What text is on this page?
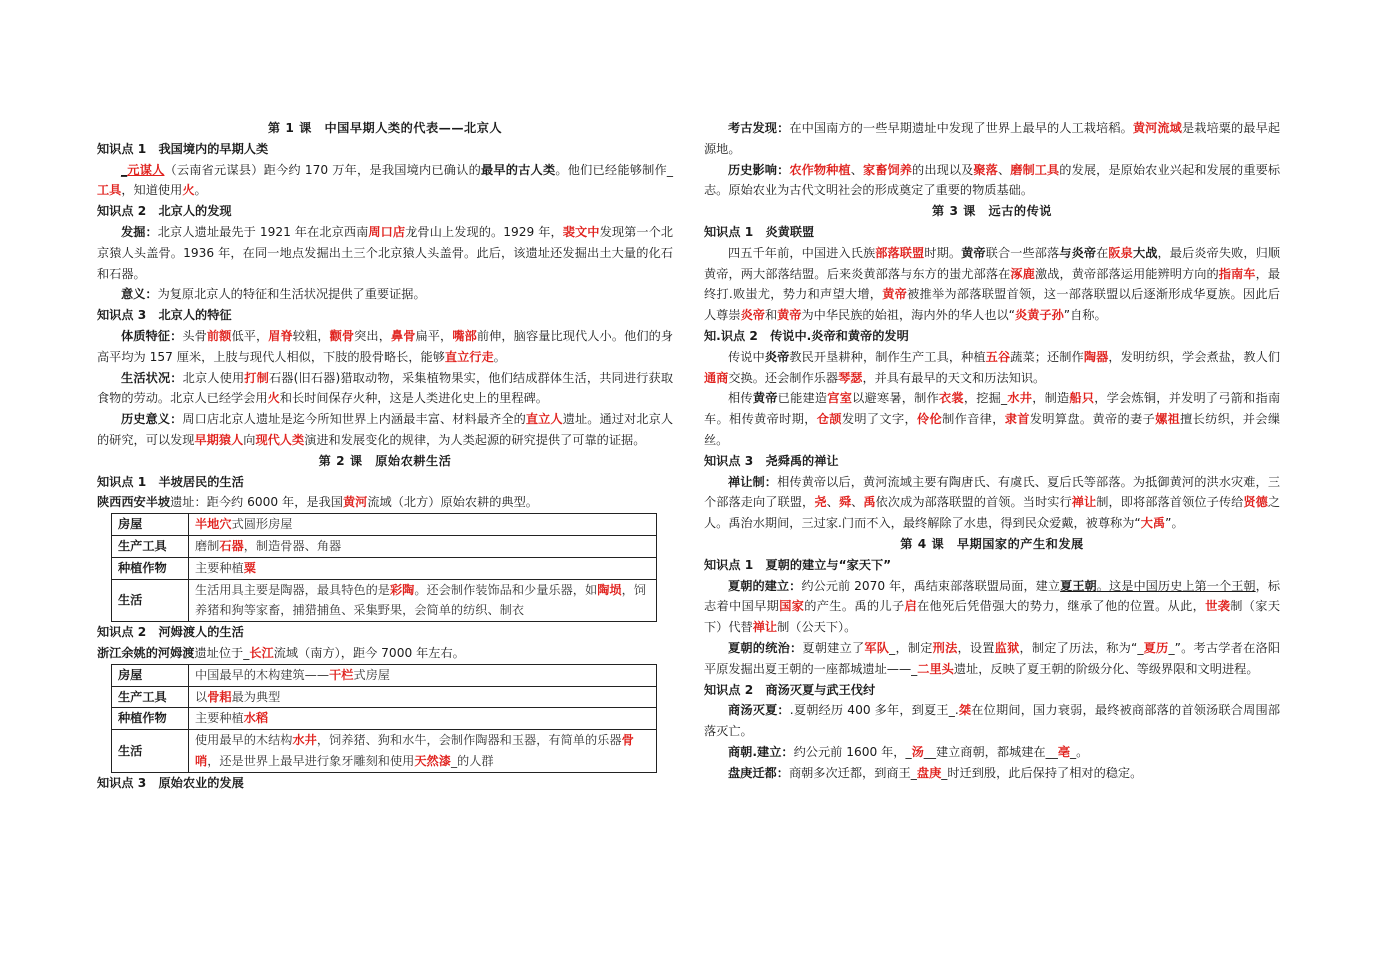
第 1 课　中国早期人类的代表——北京人
知识点 1　我国境内的早期人类
_元谋人（云南省元谋县）距今约 170 万年，是我国境内已确认的最早的古人类。他们已经能够制作_工具，知道使用火。
知识点 2　北京人的发现
发掘：北京人遗址最先于 1921 年在北京西南周口店龙骨山上发现的。1929 年，裴文中发现第一个北京猿人头盖骨。1936 年，在同一地点发掘出土三个北京猿人头盖骨。此后，该遗址还发掘出土大量的化石和石器。
意义：为复原北京人的特征和生活状况提供了重要证据。
知识点 3　北京人的特征
体质特征：头骨前额低平，眉脊较粗，颧骨突出，鼻骨扁平，嘴部前伸，脑容量比现代人小。他们的身高平均为 157 厘米，上肢与现代人相似，下肢的股骨略长，能够直立行走。
生活状况：北京人使用打制石器(旧石器)猎取动物，采集植物果实，他们结成群体生活，共同进行获取食物的劳动。北京人已经学会用火和长时间保存火种，这是人类进化史上的里程碑。
历史意义：周口店北京人遗址是迄今所知世界上内涵最丰富、材料最齐全的直立人遗址。通过对北京人的研究，可以发现早期猿人向现代人类演进和发展变化的规律，为人类起源的研究提供了可靠的证据。
第 2 课　原始农耕生活
知识点 1　半坡居民的生活
陕西西安半坡遗址：距今约 6000 年，是我国黄河流域（北方）原始农耕的典型。
房屋	半地穴式圆形房屋
生产工具	磨制石器，制造骨器、角器
种植作物	主要种植粟
生活	生活用具主要是陶器，最具特色的是彩陶。还会制作装饰品和少量乐器，如陶埙，饲养猪和狗等家畜，捕猎捕鱼、采集野果，会简单的纺织、制衣
知识点 2　河姆渡人的生活
浙江余姚的河姆渡遗址位于_长江流域（南方），距今 7000 年左右。
房屋	中国最早的木构建筑——干栏式房屋
生产工具	以骨耜最为典型
种植作物	主要种植水稻
生活	使用最早的木结构水井，饲养猪、狗和水牛，会制作陶器和玉器，有简单的乐器骨哨，还是世界上最早进行象牙雕刻和使用天然漆_的人群
知识点 3　原始农业的发展
考古发现：在中国南方的一些早期遗址中发现了世界上最早的人工栽培稻。黄河流域是栽培粟的最早起源地。
历史影响：农作物种植、家畜饲养的出现以及聚落、磨制工具的发展，是原始农业兴起和发展的重要标志。原始农业为古代文明社会的形成奠定了重要的物质基础。
第 3 课　远古的传说
知识点 1　炎黄联盟
四五千年前，中国进入氏族部落联盟时期。黄帝联合一些部落与炎帝在阪泉大战，最后炎帝失败，归顺黄帝，两大部落结盟。后来炎黄部落与东方的蚩尤部落在涿鹿激战，黄帝部落运用能辨明方向的指南车，最终打.败蚩尤，势力和声望大增，黄帝被推举为部落联盟首领，这一部落联盟以后逐渐形成华夏族。因此后人尊崇炎帝和黄帝为中华民族的始祖，海内外的华人也以“炎黄子孙”自称。
知.识点 2　传说中.炎帝和黄帝的发明
传说中炎帝教民开垦耕种，制作生产工具，种植五谷蔬菜；还制作陶器，发明纺织，学会煮盐，教人们通商交换。还会制作乐器琴瑟，并具有最早的天文和历法知识。
相传黄帝已能建造宫室以避寒暑，制作衣裳，挖掘_水井，制造船只，学会炼铜，并发明了弓箭和指南车。相传黄帝时期，仓颉发明了文字，伶伦制作音律，隶首发明算盘。黄帝的妻子嫘祖擅长纺织，并会缫丝。
知识点 3　尧舜禹的禅让
禅让制：相传黄帝以后，黄河流域主要有陶唐氏、有虞氏、夏后氏等部落。为抵御黄河的洪水灾难，三个部落走向了联盟，尧、舜、禹依次成为部落联盟的首领。当时实行禅让制，即将部落首领位子传给贤德之人。禹治水期间，三过家.门而不入，最终解除了水患，得到民众爱戴，被尊称为“大禹”。
第 4 课　早期国家的产生和发展
知识点 1　夏朝的建立与“家天下”
夏朝的建立：约公元前 2070 年，禹结束部落联盟局面，建立夏王朝。这是中国历史上第一个王朝，标志着中国早期国家的产生。禹的儿子启在他死后凭借强大的势力，继承了他的位置。从此，世袭制（家天下）代替禅让制（公天下）。
夏朝的统治：夏朝建立了军队_，制定刑法，设置监狱，制定了历法，称为“_夏历_”。考古学者在洛阳平原发掘出夏王朝的一座都城遗址——_二里头遗址，反映了夏王朝的阶级分化、等级界限和文明进程。
知识点 2　商汤灭夏与武王伐纣
商汤灭夏：.夏朝经历 400 多年，到夏王_.桀在位期间，国力衰弱，最终被商部落的首领汤联合周围部落灭亡。
商朝.建立：约公元前 1600 年，_汤__建立商朝，都城建在__亳_。
盘庚迁都：商朝多次迁都，到商王_盘庚_时迁到殷，此后保持了相对的稳定。
